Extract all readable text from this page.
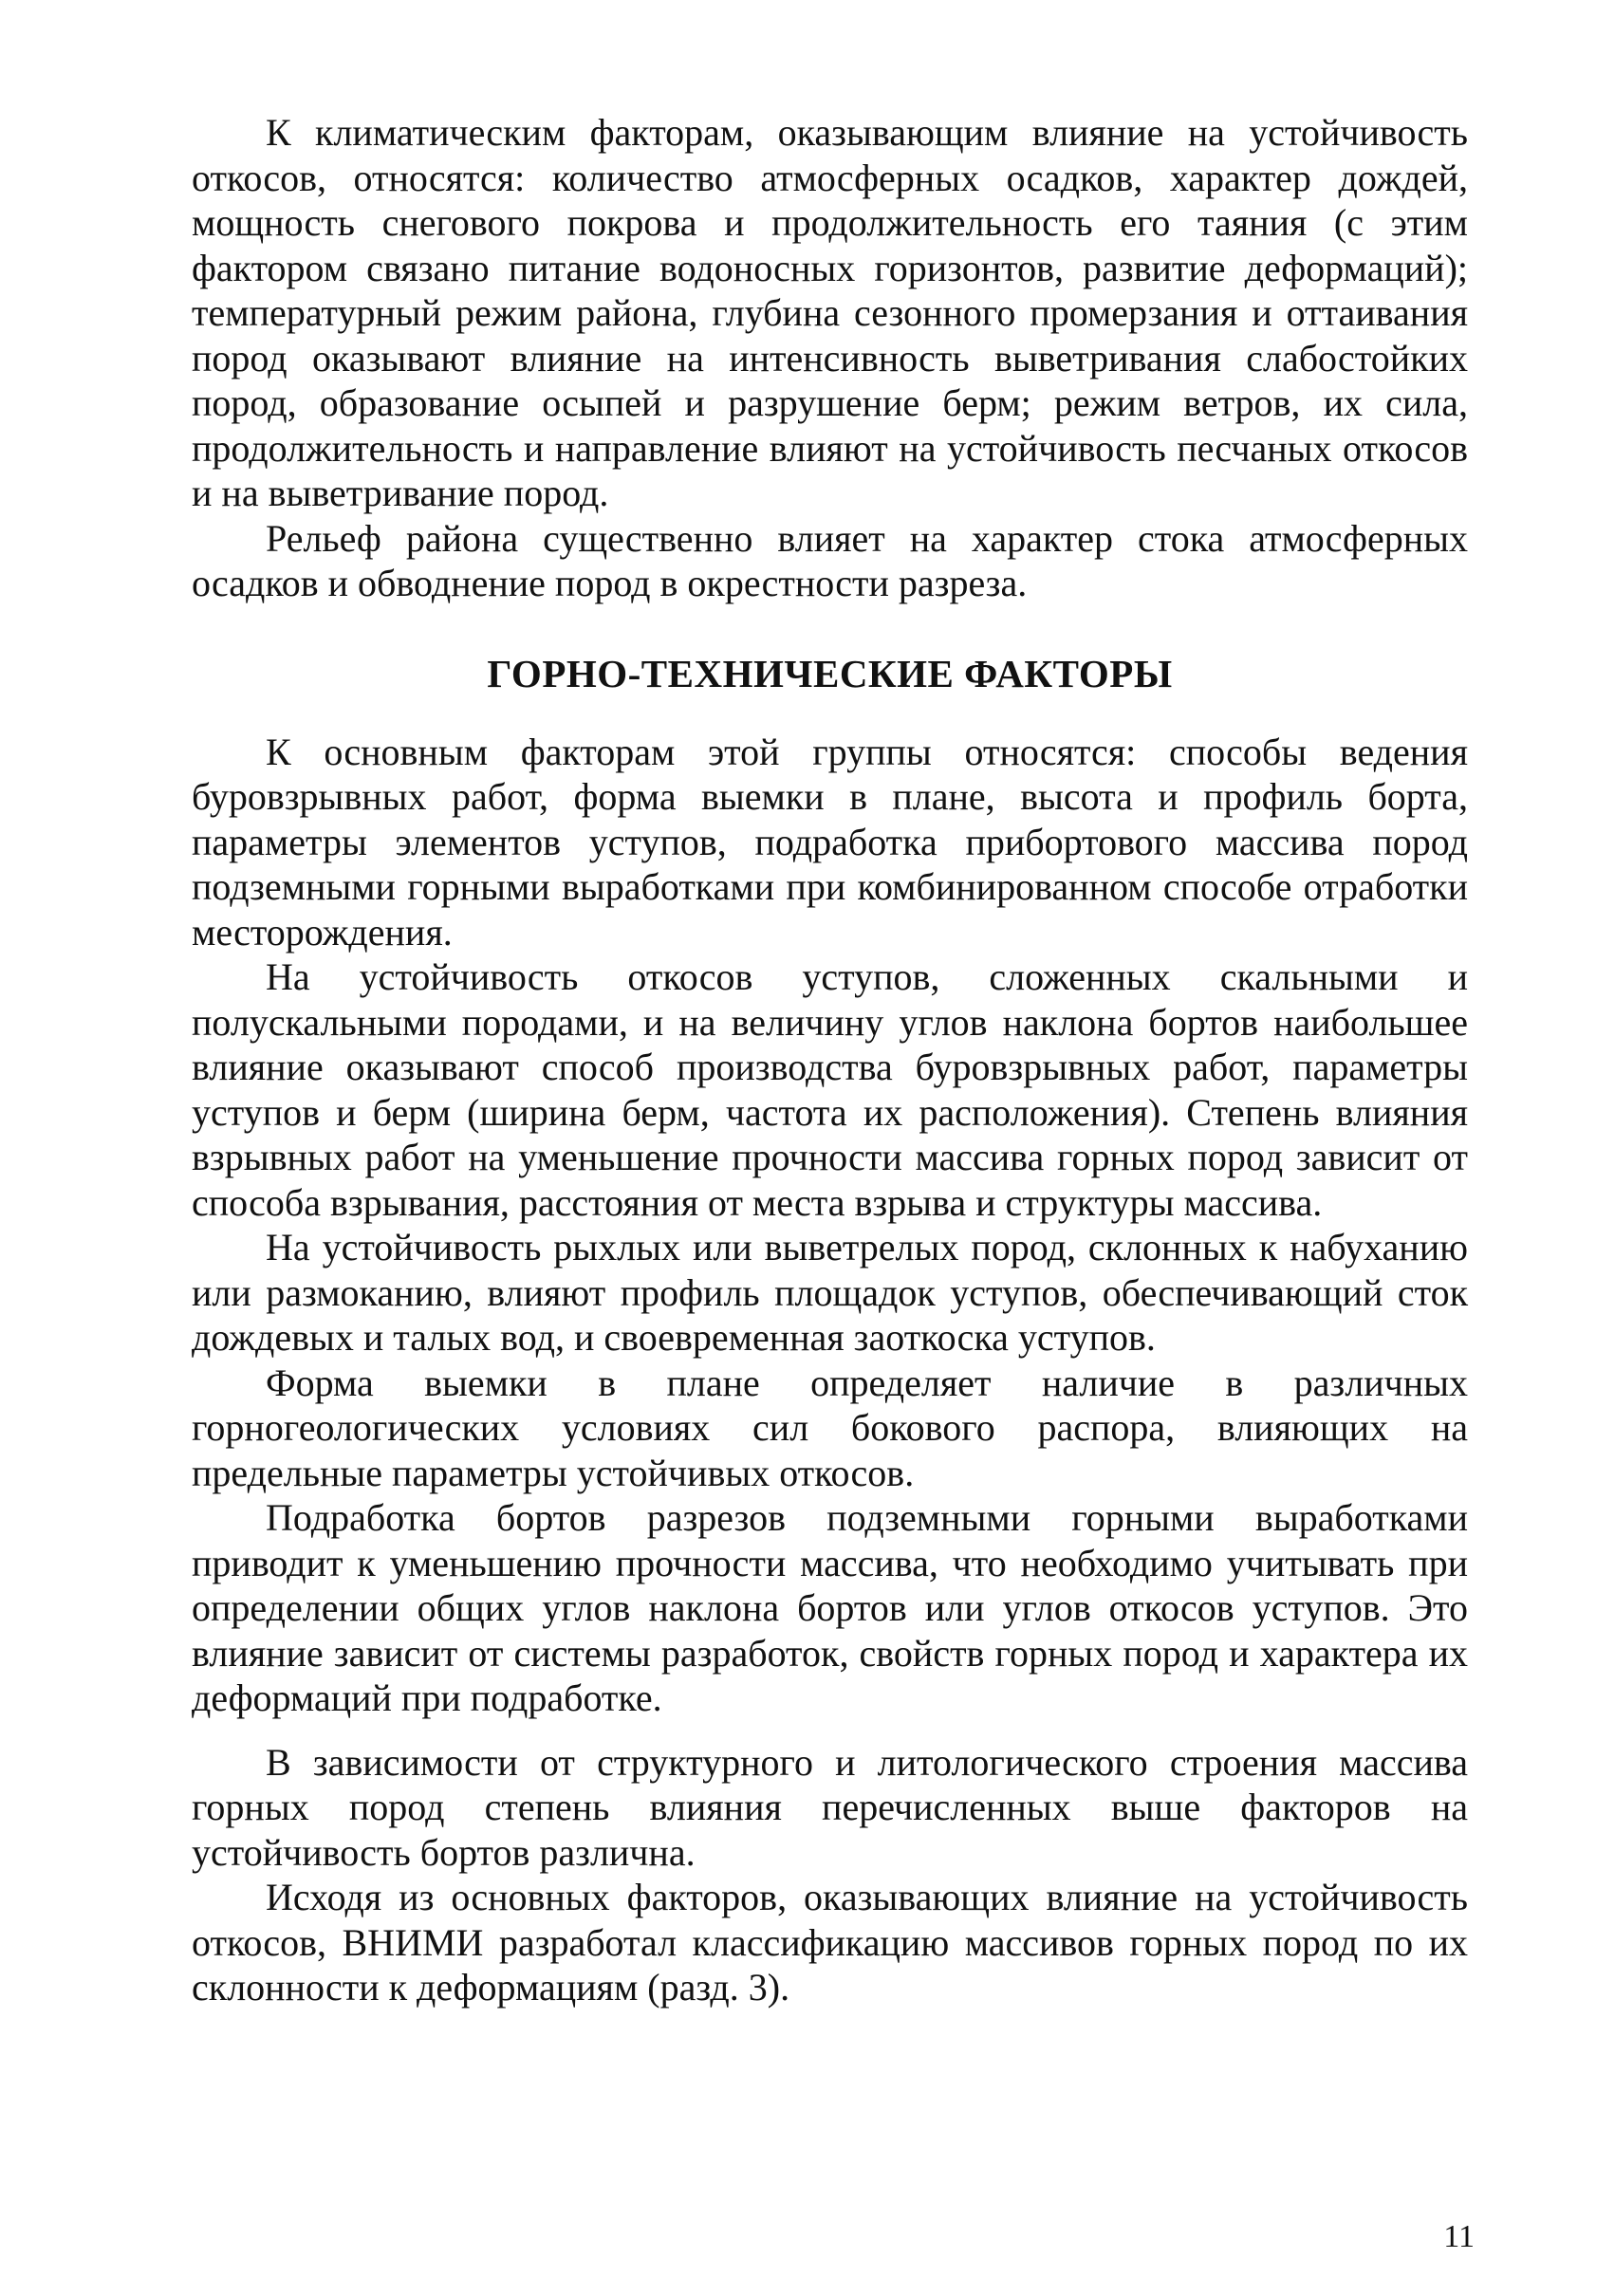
К климатическим факторам, оказывающим влияние на устойчивость откосов, относятся: количество атмосферных осадков, характер дождей, мощность снегового покрова и продолжительность его таяния (с этим фактором связано питание водоносных горизонтов, развитие деформаций); температурный режим района, глубина сезонного промерзания и оттаивания пород оказывают влияние на интенсивность выветривания слабостойких пород, образование осыпей и разрушение берм; режим ветров, их сила, продолжительность и направление влияют на устойчивость песчаных откосов и на выветривание пород.

Рельеф района существенно влияет на характер стока атмосферных осадков и обводнение пород в окрестности разреза.

ГОРНО-ТЕХНИЧЕСКИЕ ФАКТОРЫ

К основным факторам этой группы относятся: способы ведения буровзрывных работ, форма выемки в плане, высота и профиль борта, параметры элементов уступов, подработка прибортового массива пород подземными горными выработками при комбинированном способе отработки месторождения.

На устойчивость откосов уступов, сложенных скальными и полускальными породами, и на величину углов наклона бортов наибольшее влияние оказывают способ производства буровзрывных работ, параметры уступов и берм (ширина берм, частота их расположения). Степень влияния взрывных работ на уменьшение прочности массива горных пород зависит от способа взрывания, расстояния от места взрыва и структуры массива.

На устойчивость рыхлых или выветрелых пород, склонных к набуханию или размоканию, влияют профиль площадок уступов, обеспечивающий сток дождевых и талых вод, и своевременная заоткоска уступов.

Форма выемки в плане определяет наличие в различных горногеологических условиях сил бокового распора, влияющих на предельные параметры устойчивых откосов.

Подработка бортов разрезов подземными горными выработками приводит к уменьшению прочности массива, что необходимо учитывать при определении общих углов наклона бортов или углов откосов уступов. Это влияние зависит от системы разработок, свойств горных пород и характера их деформаций при подработке.

В зависимости от структурного и литологического строения массива горных пород степень влияния перечисленных выше факторов на устойчивость бортов различна.

Исходя из основных факторов, оказывающих влияние на устойчивость откосов, ВНИМИ разработал классификацию массивов горных пород по их склонности к деформациям (разд. 3).

11
